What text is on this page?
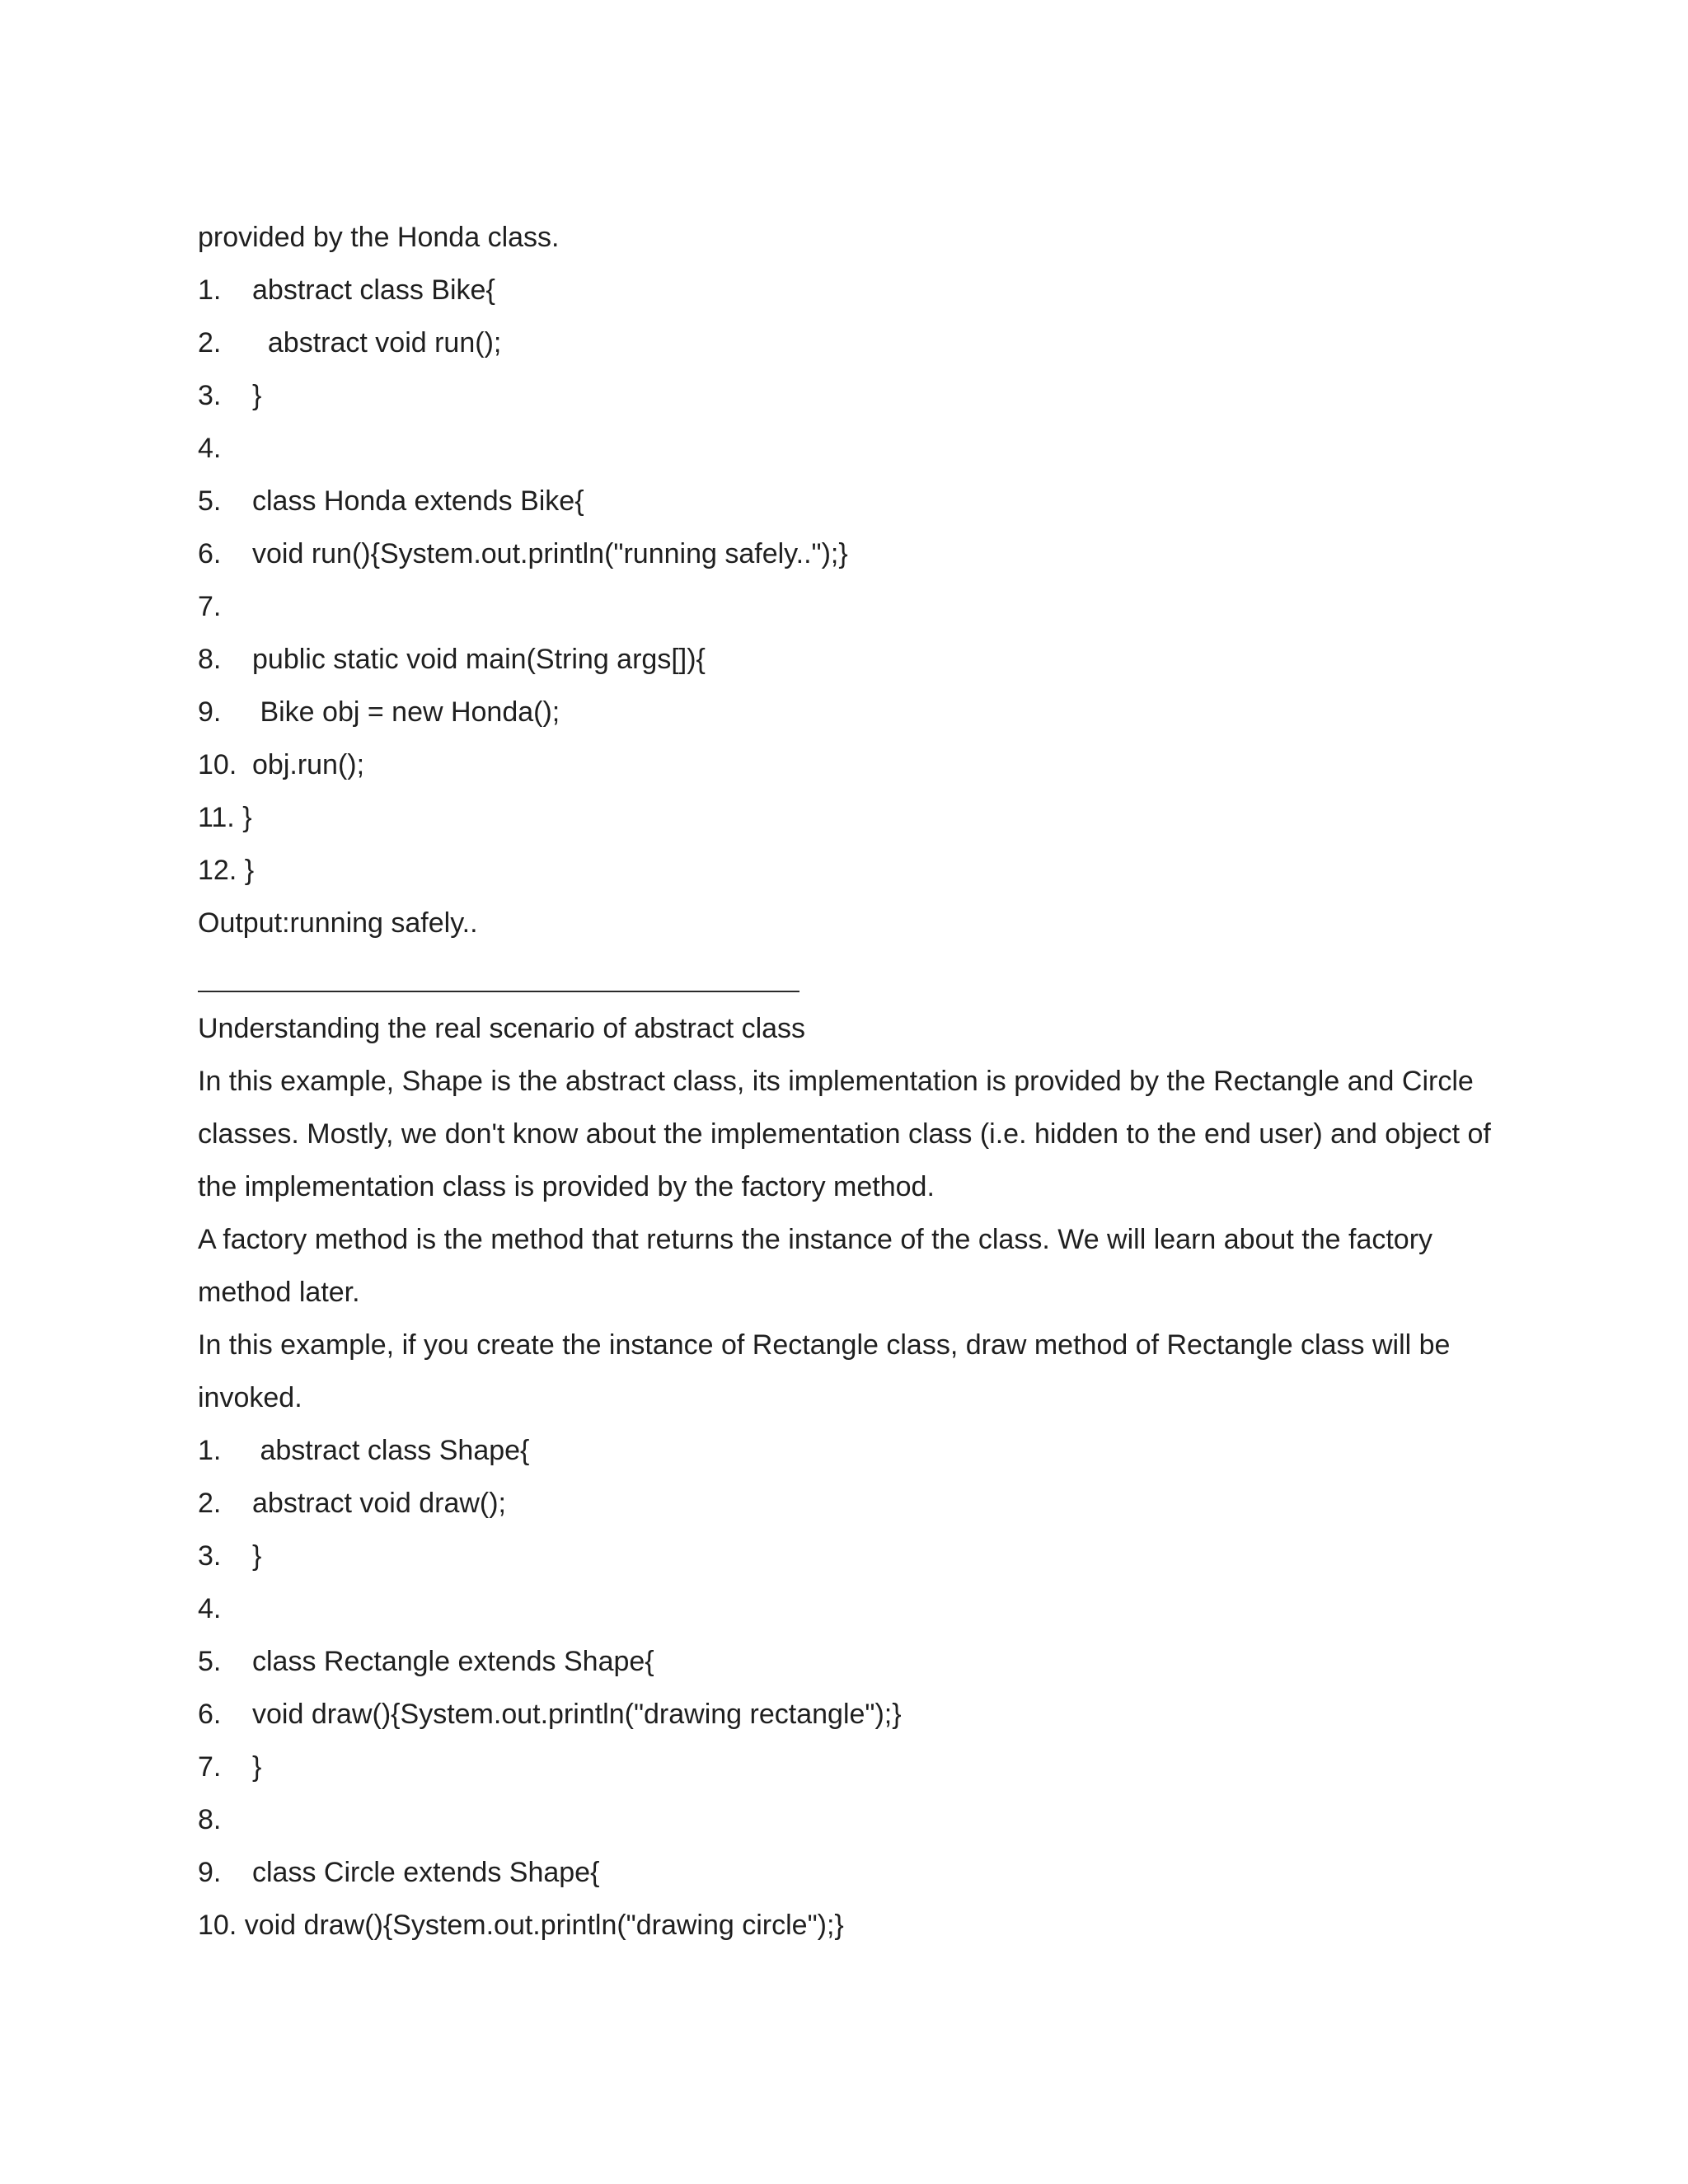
provided by the Honda class.
1. abstract class Bike{
2.  abstract void run();
3. }
4.
5. class Honda extends Bike{
6. void run(){System.out.println("running safely..");}
7.
8. public static void main(String args[]){
9. Bike obj = new Honda();
10. obj.run();
11. }
12. }
Output:running safely..
Understanding the real scenario of abstract class
In this example, Shape is the abstract class, its implementation is provided by the Rectangle and Circle
classes. Mostly, we don't know about the implementation class (i.e. hidden to the end user) and object of
the implementation class is provided by the factory method.
A factory method is the method that returns the instance of the class. We will learn about the factory
method later.
In this example, if you create the instance of Rectangle class, draw method of Rectangle class will be
invoked.
1. abstract class Shape{
2. abstract void draw();
3. }
4.
5. class Rectangle extends Shape{
6. void draw(){System.out.println("drawing rectangle");}
7. }
8.
9. class Circle extends Shape{
10. void draw(){System.out.println("drawing circle");}
